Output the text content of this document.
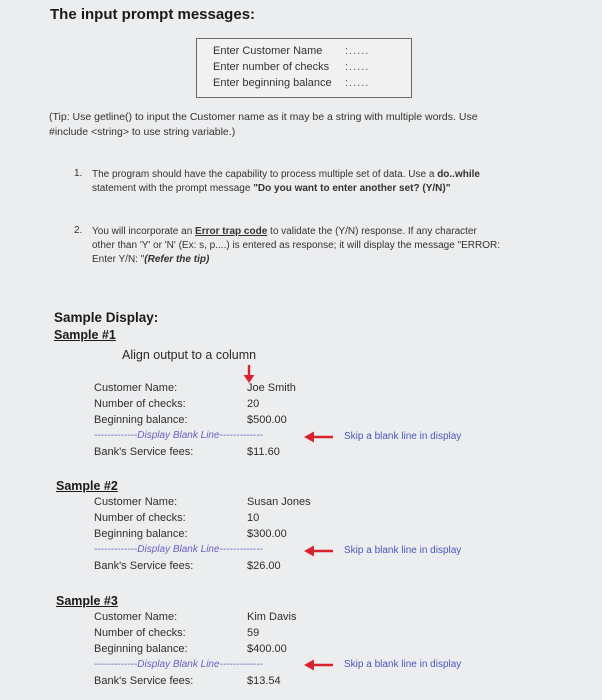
The input prompt messages:
Enter Customer Name :.....
Enter number of checks :.....
Enter beginning balance :.....
(Tip: Use getline() to input the Customer name as it may be a string with multiple words. Use
#include <string> to use string variable.)
1. The program should have the capability to process multiple set of data. Use a do..while
statement with the prompt message "Do you want to enter another set? (Y/N)"
2. You will incorporate an Error trap code to validate the (Y/N) response. If any character
other than 'Y' or 'N' (Ex: s, p....) is entered as response; it will display the message "ERROR:
Enter Y/N: "(Refer the tip)
Sample Display:
Sample #1
Align output to a column
Customer Name:	Joe Smith
Number of checks:	20
Beginning balance:	$500.00
-------------Display Blank Line-------------	Skip a blank line in display
Bank's Service fees:	$11.60
Sample #2
Customer Name:	Susan Jones
Number of checks:	10
Beginning balance:	$300.00
-------------Display Blank Line-------------	Skip a blank line in display
Bank's Service fees:	$26.00
Sample #3
Customer Name:	Kim Davis
Number of checks:	59
Beginning balance:	$400.00
-------------Display Blank Line-------------	Skip a blank line in display
Bank's Service fees:	$13.54
